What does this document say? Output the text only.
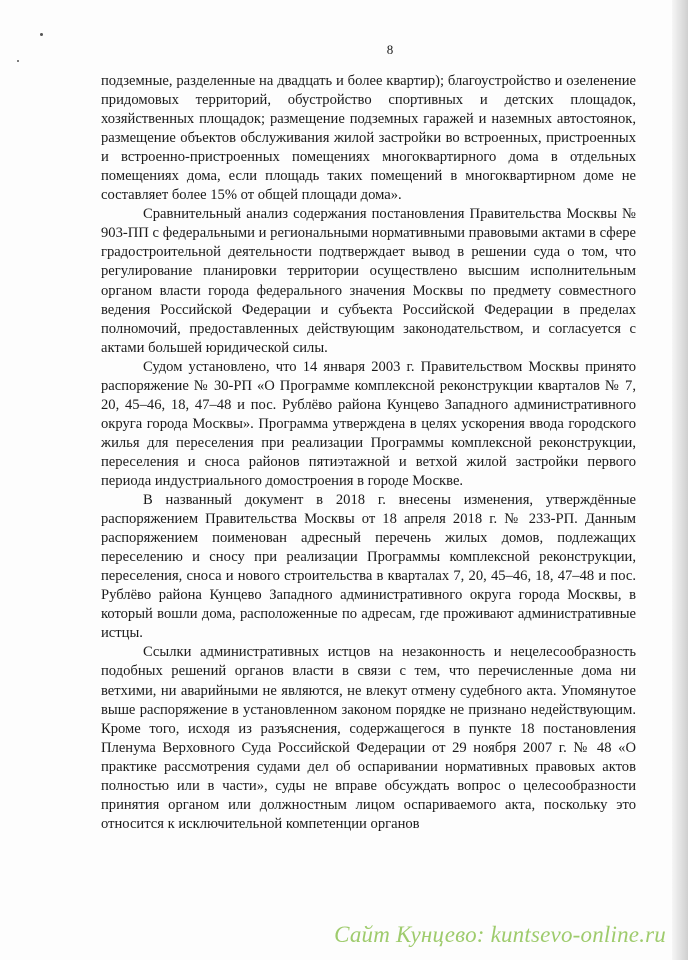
8

подземные, разделенные на двадцать и более квартир); благоустройство и озеленение придомовых территорий, обустройство спортивных и детских площадок, хозяйственных площадок; размещение подземных гаражей и наземных автостоянок, размещение объектов обслуживания жилой застройки во встроенных, пристроенных и встроенно-пристроенных помещениях многоквартирного дома в отдельных помещениях дома, если площадь таких помещений в многоквартирном доме не составляет более 15% от общей площади дома».

Сравнительный анализ содержания постановления Правительства Москвы № 903-ПП с федеральными и региональными нормативными правовыми актами в сфере градостроительной деятельности подтверждает вывод в решении суда о том, что регулирование планировки территории осуществлено высшим исполнительным органом власти города федерального значения Москвы по предмету совместного ведения Российской Федерации и субъекта Российской Федерации в пределах полномочий, предоставленных действующим законодательством, и согласуется с актами большей юридической силы.

Судом установлено, что 14 января 2003 г. Правительством Москвы принято распоряжение № 30-РП «О Программе комплексной реконструкции кварталов № 7, 20, 45–46, 18, 47–48 и пос. Рублёво района Кунцево Западного административного округа города Москвы». Программа утверждена в целях ускорения ввода городского жилья для переселения при реализации Программы комплексной реконструкции, переселения и сноса районов пятиэтажной и ветхой жилой застройки первого периода индустриального домостроения в городе Москве.

В названный документ в 2018 г. внесены изменения, утверждённые распоряжением Правительства Москвы от 18 апреля 2018 г. № 233-РП. Данным распоряжением поименован адресный перечень жилых домов, подлежащих переселению и сносу при реализации Программы комплексной реконструкции, переселения, сноса и нового строительства в кварталах 7, 20, 45–46, 18, 47–48 и пос. Рублёво района Кунцево Западного административного округа города Москвы, в который вошли дома, расположенные по адресам, где проживают административные истцы.

Ссылки административных истцов на незаконность и нецелесообразность подобных решений органов власти в связи с тем, что перечисленные дома ни ветхими, ни аварийными не являются, не влекут отмену судебного акта. Упомянутое выше распоряжение в установленном законом порядке не признано недействующим. Кроме того, исходя из разъяснения, содержащегося в пункте 18 постановления Пленума Верховного Суда Российской Федерации от 29 ноября 2007 г. № 48 «О практике рассмотрения судами дел об оспаривании нормативных правовых актов полностью или в части», суды не вправе обсуждать вопрос о целесообразности принятия органом или должностным лицом оспариваемого акта, поскольку это относится к исключительной компетенции органов

Сайт Кунцево: kuntsevo-online.ru
